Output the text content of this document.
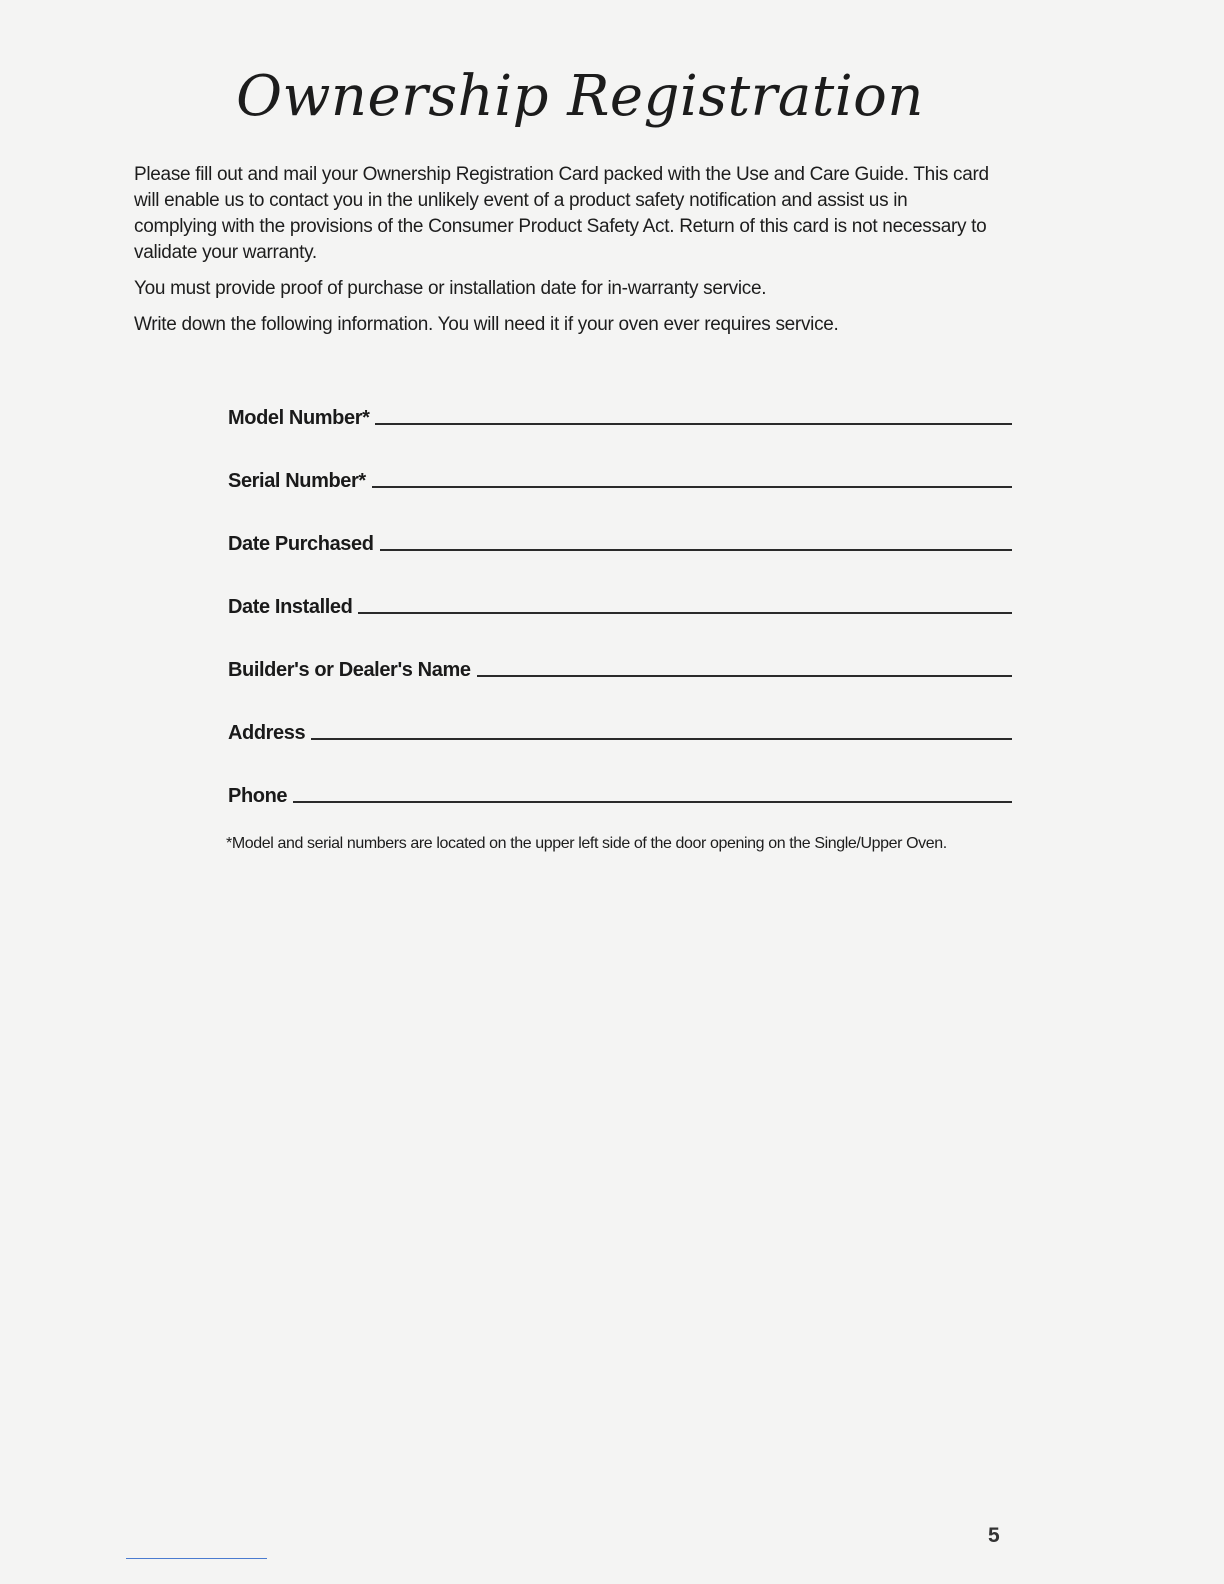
Ownership Registration

Please fill out and mail your Ownership Registration Card packed with the Use and Care Guide. This card will enable us to contact you in the unlikely event of a product safety notification and assist us in complying with the provisions of the Consumer Product Safety Act. Return of this card is not necessary to validate your warranty.

You must provide proof of purchase or installation date for in-warranty service.

Write down the following information. You will need it if your oven ever requires service.

Model Number*
Serial Number*
Date Purchased
Date Installed
Builder's or Dealer's Name
Address
Phone
*Model and serial numbers are located on the upper left side of the door opening on the Single/Upper Oven.
5
